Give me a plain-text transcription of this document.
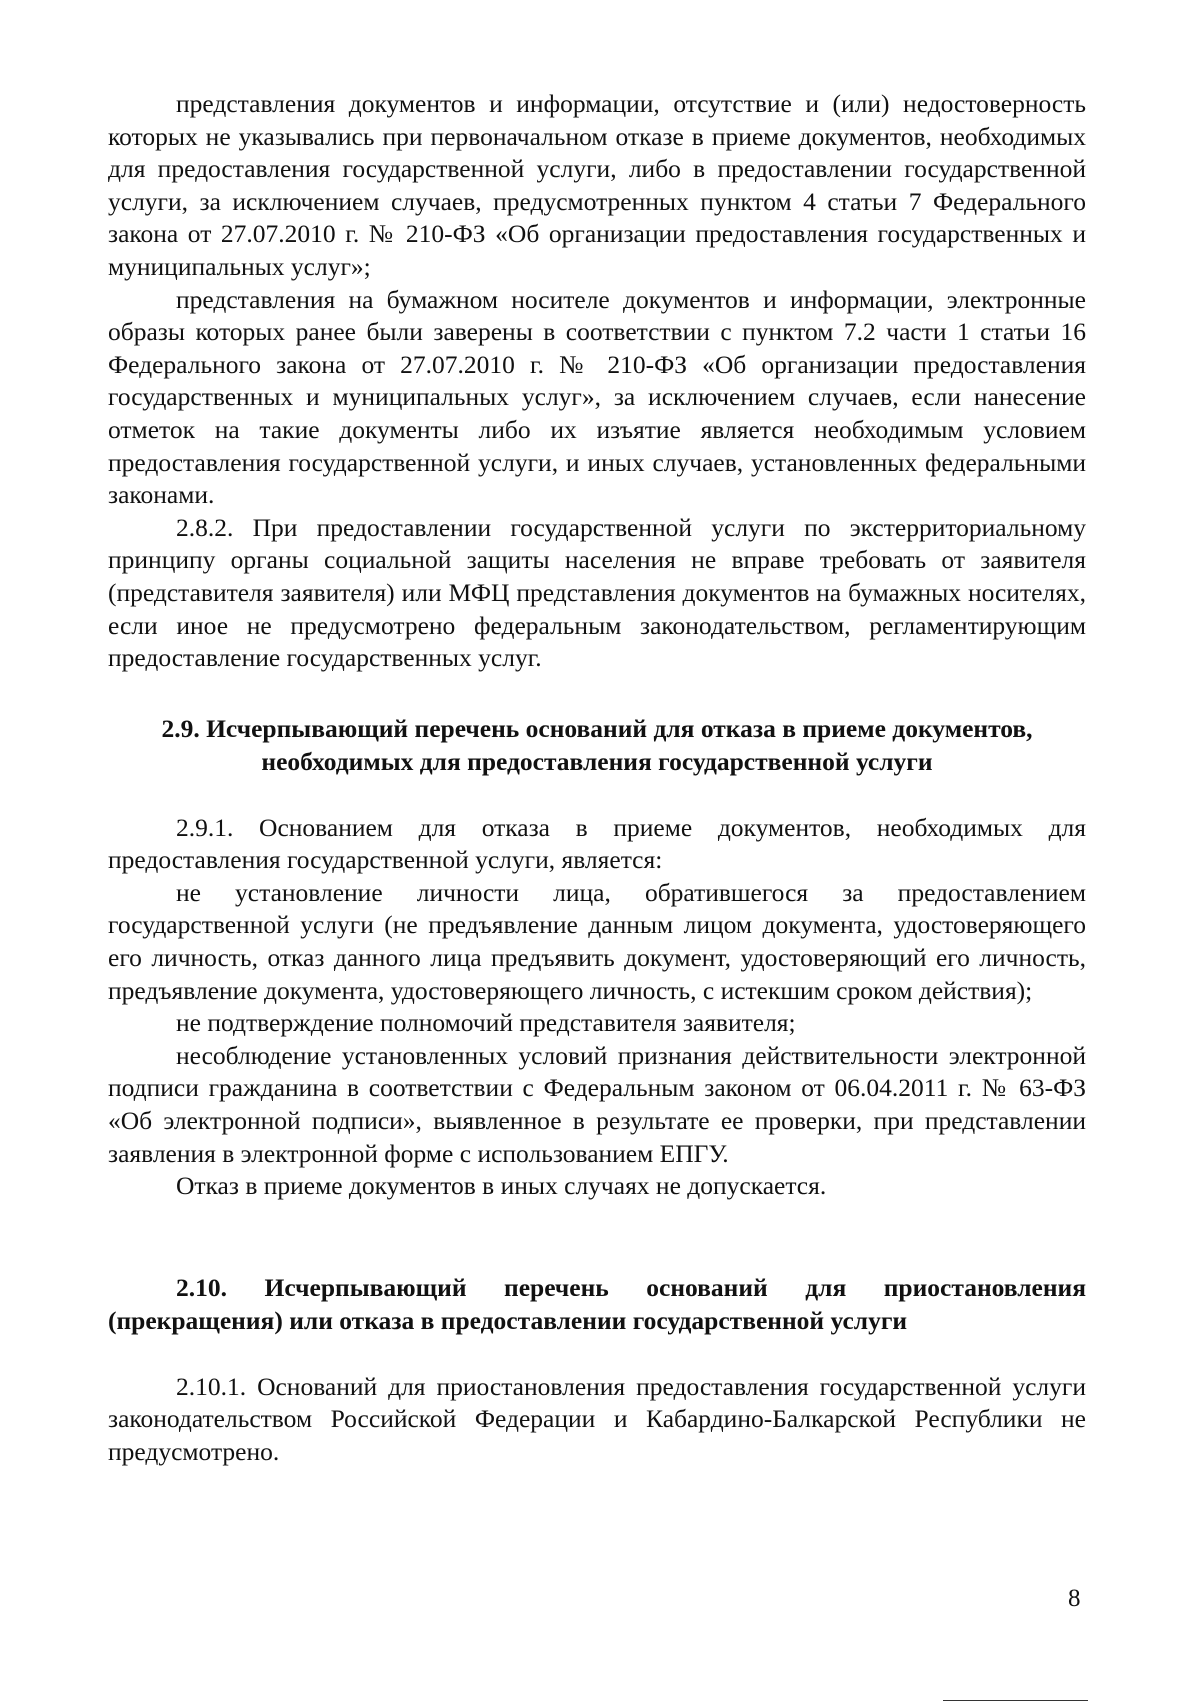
представления документов и информации, отсутствие и (или) недостоверность которых не указывались при первоначальном отказе в приеме документов, необходимых для предоставления государственной услуги, либо в предоставлении государственной услуги, за исключением случаев, предусмотренных пунктом 4 статьи 7 Федерального закона от 27.07.2010 г. № 210-ФЗ «Об организации предоставления государственных и муниципальных услуг»;

представления на бумажном носителе документов и информации, электронные образы которых ранее были заверены в соответствии с пунктом 7.2 части 1 статьи 16 Федерального закона от 27.07.2010 г. № 210-ФЗ «Об организации предоставления государственных и муниципальных услуг», за исключением случаев, если нанесение отметок на такие документы либо их изъятие является необходимым условием предоставления государственной услуги, и иных случаев, установленных федеральными законами.

2.8.2. При предоставлении государственной услуги по экстерриториальному принципу органы социальной защиты населения не вправе требовать от заявителя (представителя заявителя) или МФЦ представления документов на бумажных носителях, если иное не предусмотрено федеральным законодательством, регламентирующим предоставление государственных услуг.

2.9. Исчерпывающий перечень оснований для отказа в приеме документов, необходимых для предоставления государственной услуги

2.9.1. Основанием для отказа в приеме документов, необходимых для предоставления государственной услуги, является:

не установление личности лица, обратившегося за предоставлением государственной услуги (не предъявление данным лицом документа, удостоверяющего его личность, отказ данного лица предъявить документ, удостоверяющий его личность, предъявление документа, удостоверяющего личность, с истекшим сроком действия);

не подтверждение полномочий представителя заявителя;

несоблюдение установленных условий признания действительности электронной подписи гражданина в соответствии с Федеральным законом от 06.04.2011 г. № 63-ФЗ «Об электронной подписи», выявленное в результате ее проверки, при представлении заявления в электронной форме с использованием ЕПГУ.

Отказ в приеме документов в иных случаях не допускается.

2.10. Исчерпывающий перечень оснований для приостановления (прекращения) или отказа в предоставлении государственной услуги

2.10.1. Оснований для приостановления предоставления государственной услуги законодательством Российской Федерации и Кабардино-Балкарской Республики не предусмотрено.

8
